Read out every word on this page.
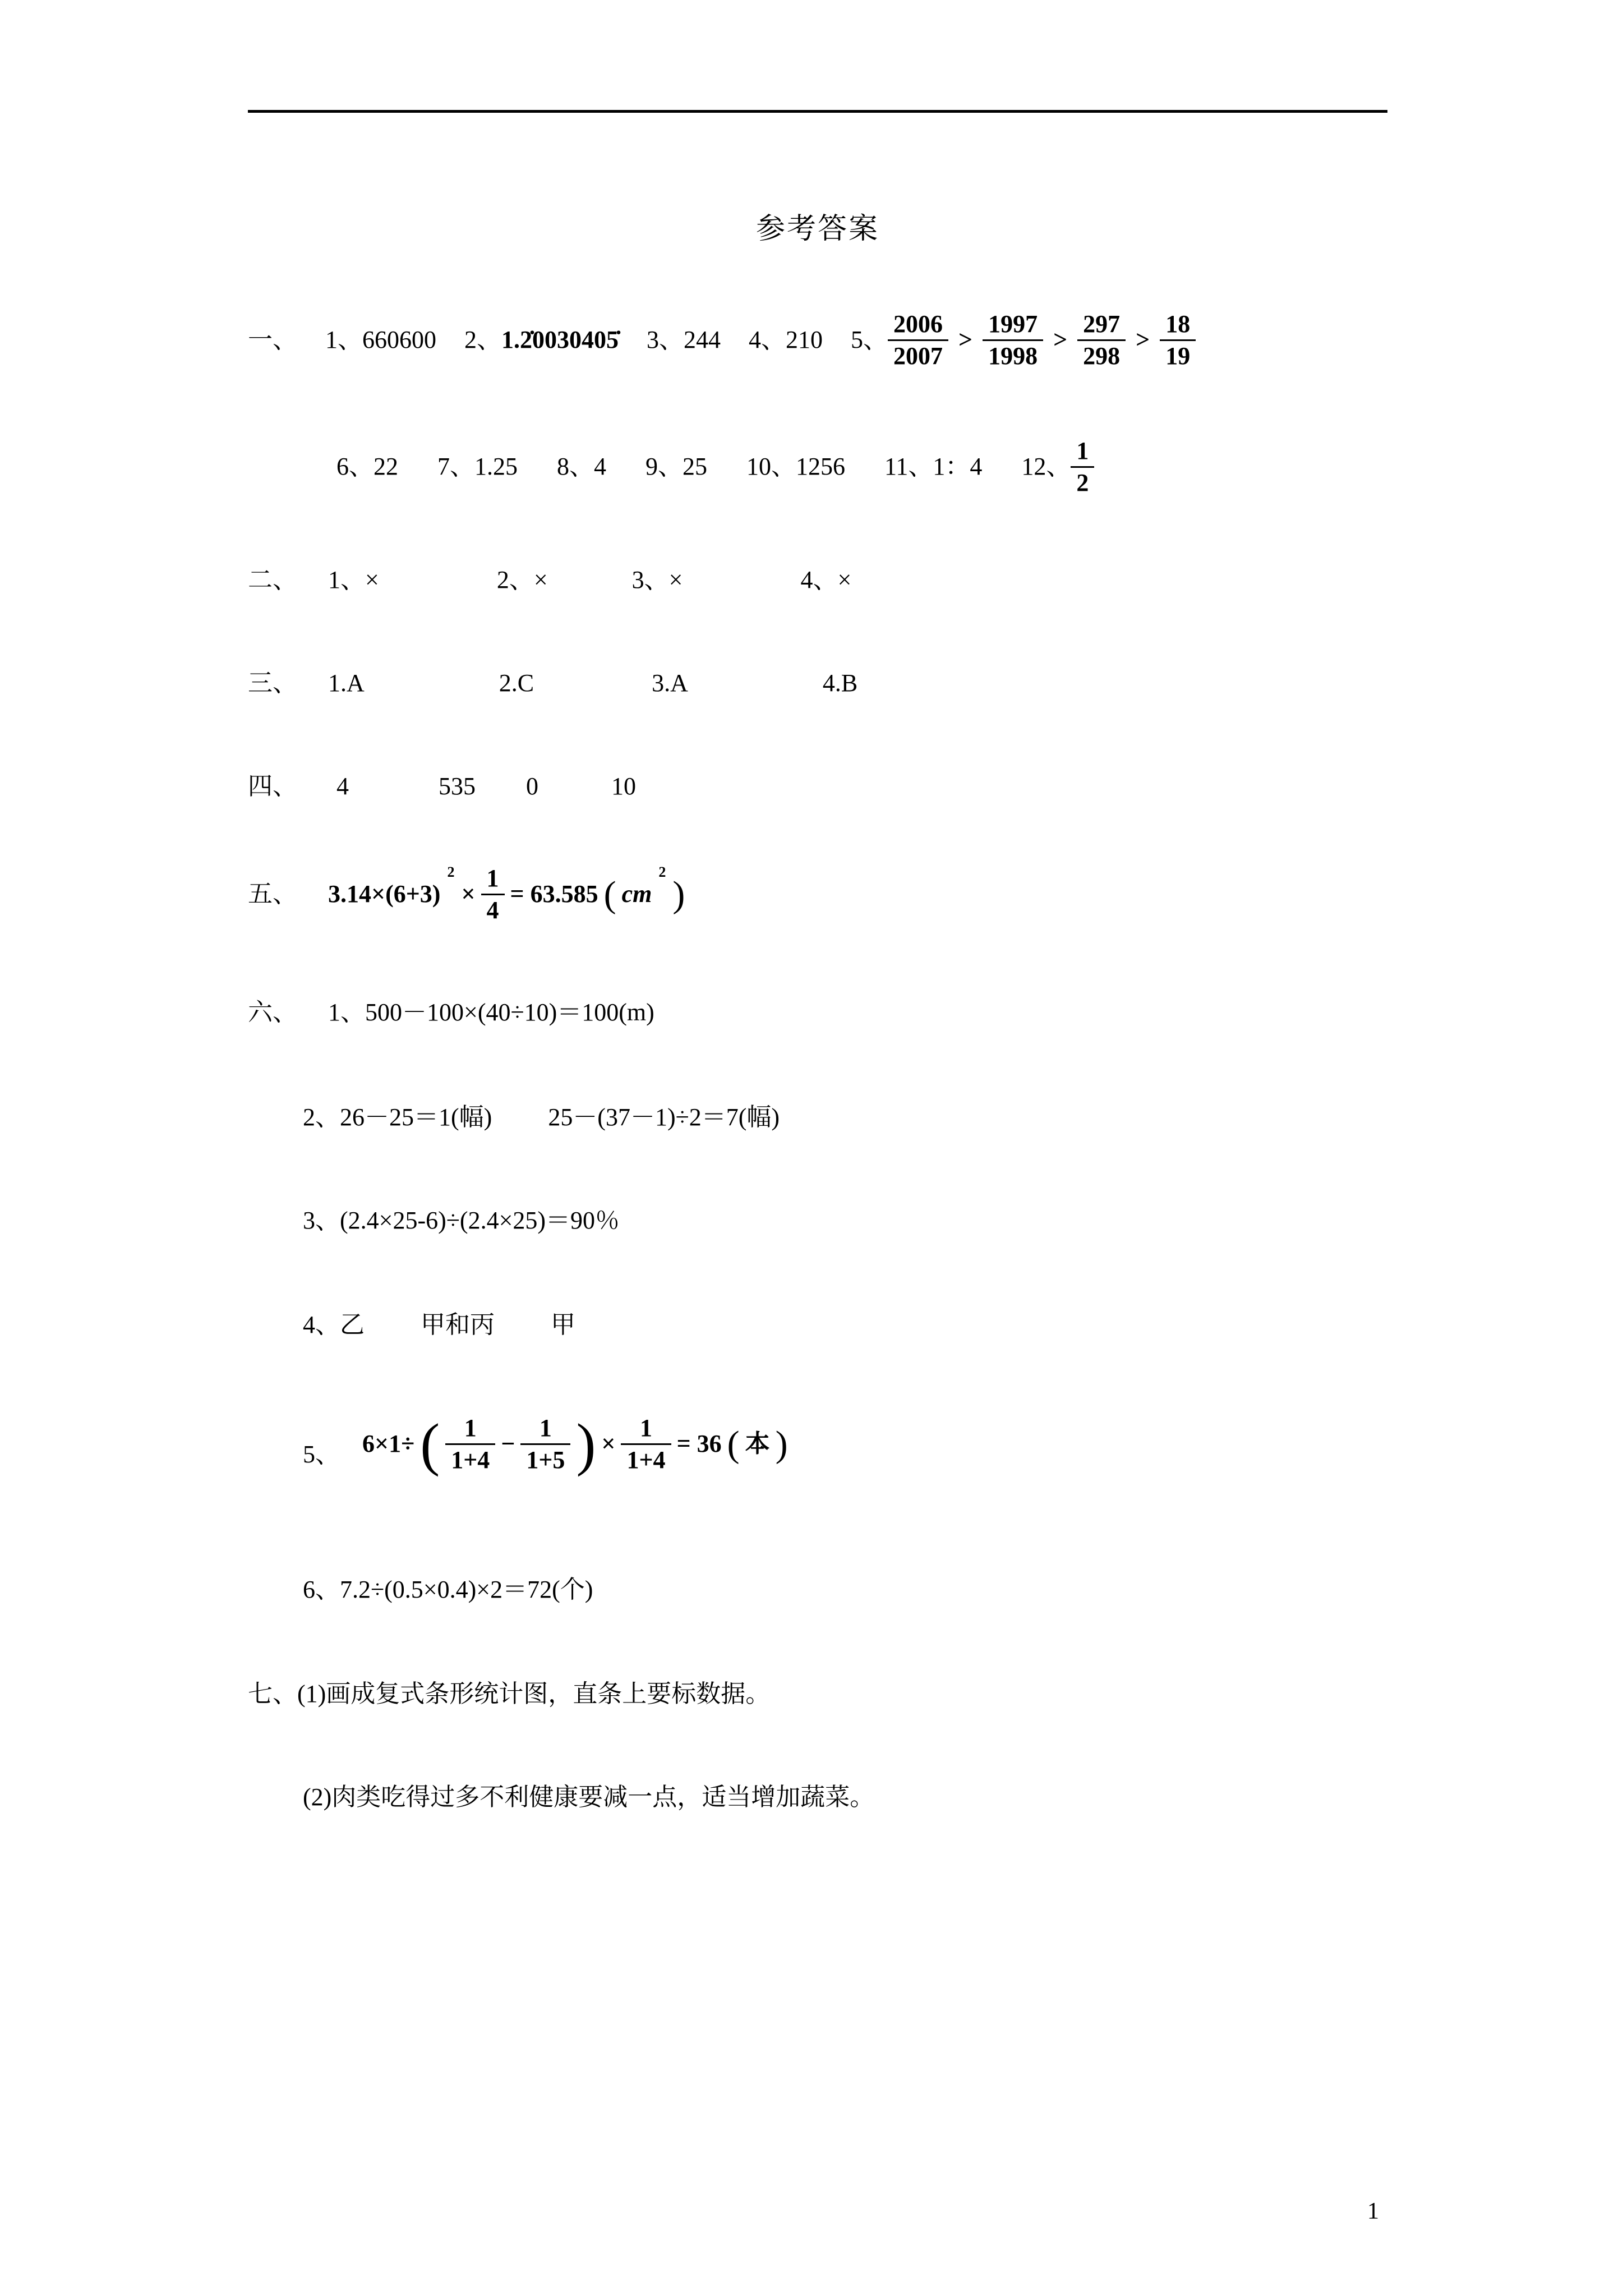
参考答案
一、 1、660600 2、 1.2̇0030405̇ 3、244 4、210 5、 $\frac{2006}{2007} > \frac{1997}{1998} > \frac{297}{298} > \frac{18}{19}$
6、22 7、1.25 8、4 9、25 10、1256 11、1：4 12、 $\frac{1}{2}$
二、 1、×	2、×	3、×	4、×
三、 1.A	2.C	3.A	4.B
四、 4	535 0	10
五、 3.14×(6+3)
2
× $\frac{1}{4} = 63.585$ ( cm
2
)
六、 1、500－100×(40÷10)＝100(m)
2、26－25＝1(幅) 25－(37－1)÷2＝7(幅)
3、(2.4×25-6)÷(2.4×25)＝90％
4、乙 甲和丙 甲
5、 6×1÷ ( $\frac{1}{1+4} - \frac{1}{1+5}$ ) × $\frac{1}{1+4} = 36$ ( 本 )
6、7.2÷(0.5×0.4)×2＝72(个)
七、 (1)画成复式条形统计图，直条上要标数据。
(2)肉类吃得过多不利健康要减一点，适当增加蔬菜。
1
